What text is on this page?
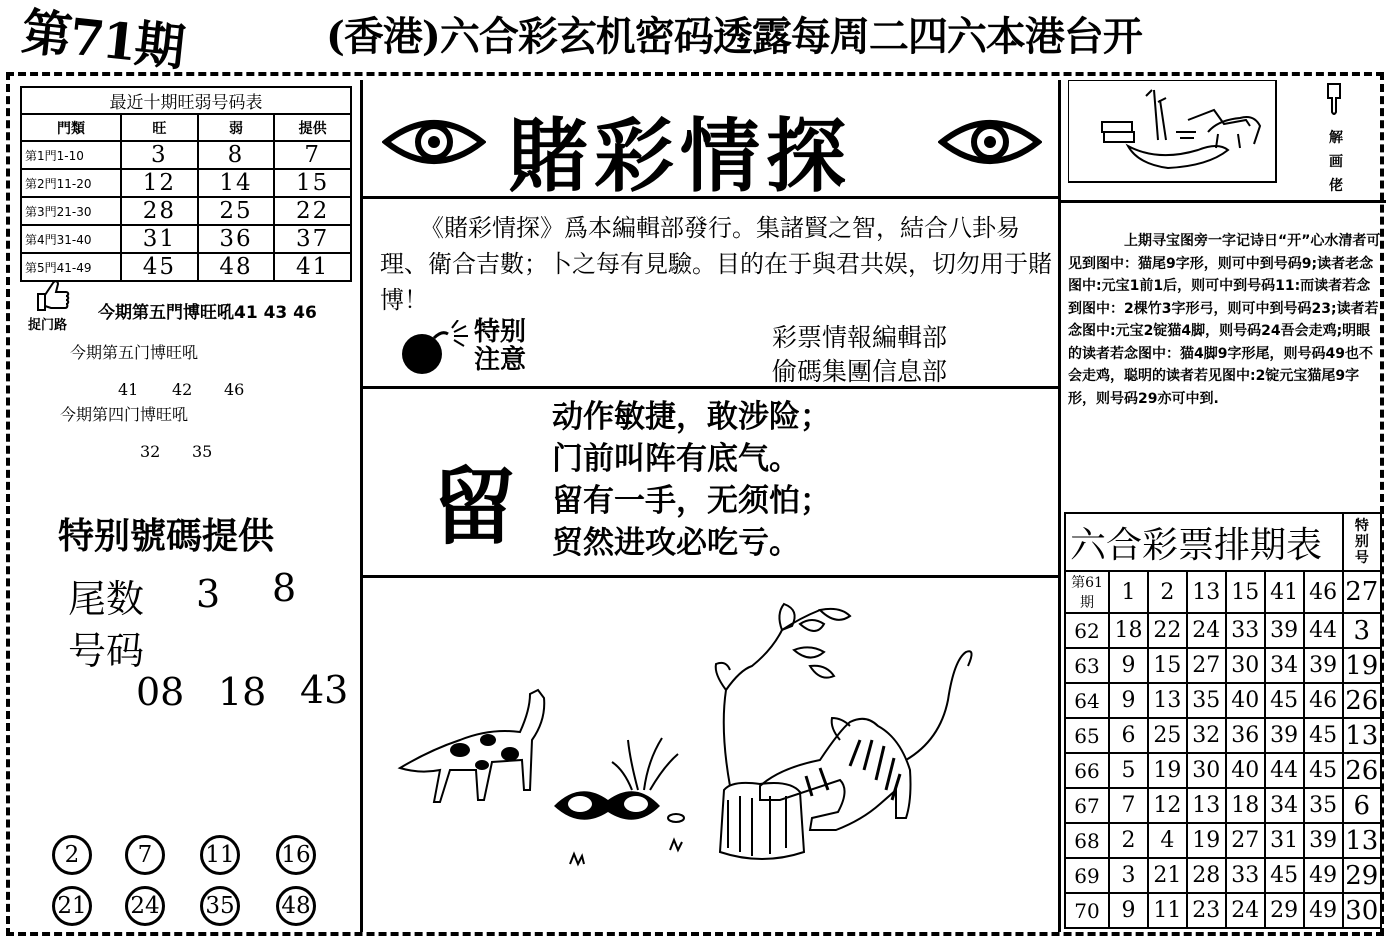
第71期	(香港)六合彩玄机密码透露每周二四六本港台开
最近十期旺弱号码表			
門類	旺	弱	提供
第1門1-10	3	8	7
第2門11-20	12	14	15
第3門21-30	28	25	22
第4門31-40	31	36	37
第5門41-49	45	48	41
捉门路
今期第五門博旺吼41 43 46
今期第五门博旺吼
41 42 46
今期第四门博旺吼
32 35
特别號碼提供
尾数 3 8
号码
08 18 43
2	7	11 16
21 24 35 48
賭彩情探
《賭彩情探》爲本編輯部發行。集諸賢之智，結合八卦易理、衛合吉數；卜之每有見驗。目的在于與君共娱，切勿用于賭博！
特别
注意
彩票情報編輯部
偷碼集團信息部
留
动作敏捷，敢涉险；
门前叫阵有底气。
留有一手，无须怕；
贸然进攻必吃亏。
解
画
佬
上期寻宝图旁一字记诗日“开”心水清者可见到图中：猫尾9字形，则可中到号码9;读者老念图中:元宝1前1后，则可中到号码11:而读者若念到图中：2棵竹3字形弓，则可中到号码23;读者若念图中:元宝2锭猫4脚，则号码24吾会走鸡;明眼的读者若念图中：猫4脚9字形尾，则号码49也不会走鸡，聪明的读者若见图中:2锭元宝猫尾9字形，则号码29亦可中到.
六合彩票排期表							特
别
号

第61期	1	2	13	15	41	46	27
62	18	22	24	33	39	44	3
63	9	15	27	30	34	39	19
64	9	13	35	40	45	46	26
65	6	25	32	36	39	45	13
66	5	19	30	40	44	45	26
67	7	12	13	18	34	35	6
68	2	4	19	27	31	39	13
69	3	21	28	33	45	49	29
70	9	11	23	24	29	49	30
